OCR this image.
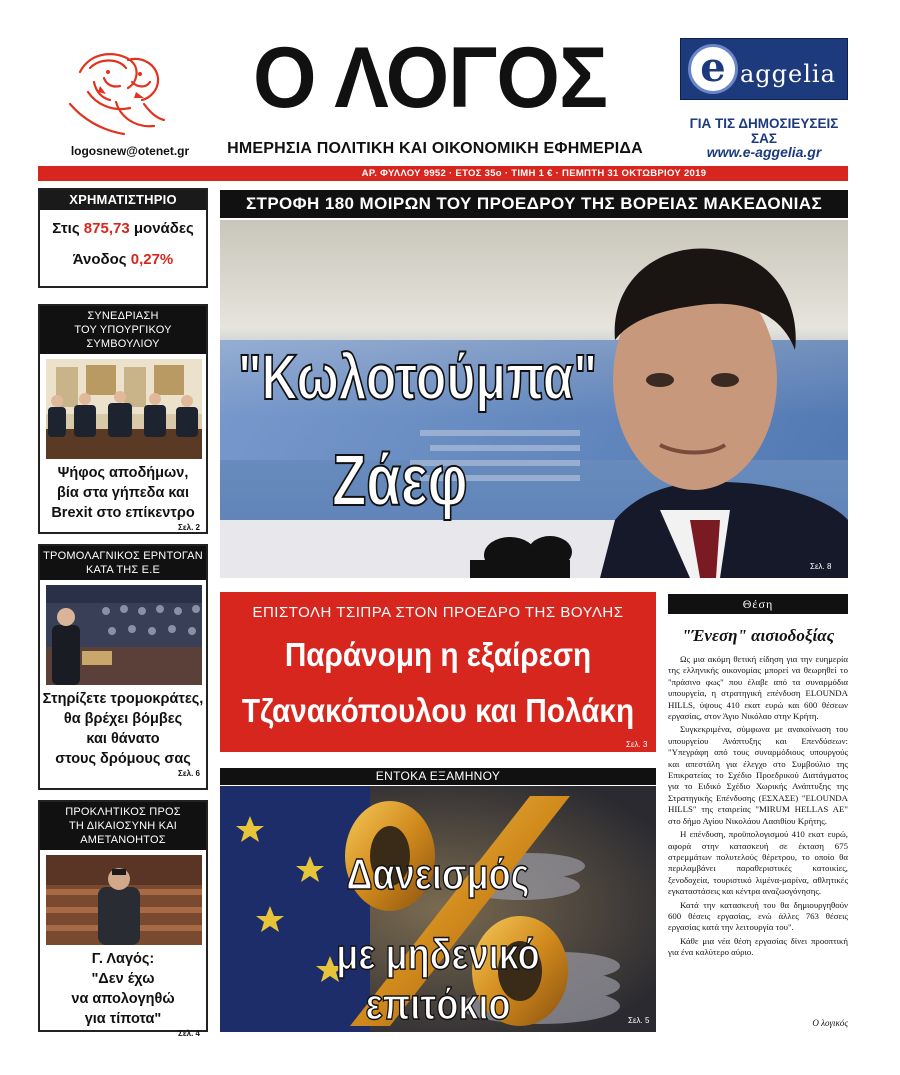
logosnew@otenet.gr
Ο ΛΟΓΟΣ
ΗΜΕΡΗΣΙΑ ΠΟΛΙΤΙΚΗ ΚΑΙ ΟΙΚΟΝΟΜΙΚΗ ΕΦΗΜΕΡΙΔΑ
e aggelia
ΓΙΑ ΤΙΣ ΔΗΜΟΣΙΕΥΣΕΙΣ ΣΑΣ
www.e-aggelia.gr
ΑΡ. ΦΥΛΛΟΥ 9952 · ΕΤΟΣ 35ο · ΤΙΜΗ 1 € · ΠΕΜΠΤΗ 31 ΟΚΤΩΒΡΙΟΥ 2019
ΧΡΗΜΑΤΙΣΤΗΡΙΟ
Στις 875,73 μονάδες
Άνοδος 0,27%
ΣΥΝΕΔΡΙΑΣΗ
ΤΟΥ ΥΠΟΥΡΓΙΚΟΥ ΣΥΜΒΟΥΛΙΟΥ
Ψήφος αποδήμων,
βία στα γήπεδα και
Brexit στο επίκεντρο
Σελ. 2
ΤΡΟΜΟΛΑΓΝΙΚΟΣ ΕΡΝΤΟΓΑΝ
ΚΑΤΑ ΤΗΣ Ε.Ε
Στηρίζετε τρομοκράτες,
θα βρέχει βόμβες
και θάνατο
στους δρόμους σας
Σελ. 6
ΠΡΟΚΛΗΤΙΚΟΣ ΠΡΟΣ
ΤΗ ΔΙΚΑΙΟΣΥΝΗ ΚΑΙ ΑΜΕΤΑΝΟΗΤΟΣ
Γ. Λαγός:
"Δεν έχω
να απολογηθώ
για τίποτα"
Σελ. 4
ΣΤΡΟΦΗ 180 ΜΟΙΡΩΝ ΤΟΥ ΠΡΟΕΔΡΟΥ ΤΗΣ ΒΟΡΕΙΑΣ ΜΑΚΕΔΟΝΙΑΣ
"Κωλοτούμπα"
Ζάεφ
Σελ. 8
ΕΠΙΣΤΟΛΗ ΤΣΙΠΡΑ ΣΤΟΝ ΠΡΟΕΔΡΟ ΤΗΣ ΒΟΥΛΗΣ
Παράνομη η εξαίρεση
Τζανακόπουλου και Πολάκη
Σελ. 3
ΕΝΤΟΚΑ ΕΞΑΜΗΝΟΥ
Δανεισμός
με μηδενικό επιτόκιο	Σελ. 5
Θέση
"Ένεση" αισιοδοξίας

Ως μια ακόμη θετική είδηση για την ευημερία της ελληνικής οικονομίας μπορεί να θεωρηθεί το "πράσινο φως" που έλαβε από τα συναρμόδια υπουργεία, η στρατηγική επένδυση ELOUNDA HILLS, ύψους 410 εκατ ευρώ και 600 θέσεων εργασίας, στον Άγιο Νικόλαο στην Κρήτη.

Συγκεκριμένα, σύμφωνα με ανακοίνωση του υπουργείου Ανάπτυξης και Επενδύσεων: "Υπεγράφη από τους συναρμόδιους υπουργούς και απεστάλη για έλεγχο στο Συμβούλιο της Επικρατείας το Σχέδιο Προεδρικού Διατάγματος για το Ειδικό Σχέδιο Χωρικής Ανάπτυξης της Στρατηγικής Επένδυσης (ΕΣΧΑΣΕ) "ELOUNDA HILLS" της εταιρείας "MIRUM HELLAS AE" στο δήμο Αγίου Νικολάου Λασιθίου Κρήτης.

Η επένδυση, προϋπολογισμού 410 εκατ ευρώ, αφορά στην κατασκευή σε έκταση 675 στρεμμάτων πολυτελούς θέρετρου, το οποίο θα περιλαμβάνει παραθεριστικές κατοικίες, ξενοδοχεία, τουριστικό λιμένα-μαρίνα, αθλητικές εγκαταστάσεις και κέντρα αναζωογόνησης.

Κατά την κατασκευή του θα δημιουργηθούν 600 θέσεις εργασίας, ενώ άλλες 763 θέσεις εργασίας κατά την λειτουργία του".

Κάθε μια νέα θέση εργασίας δίνει προοπτική για ένα καλύτερο αύριο.

Ο λογικός
